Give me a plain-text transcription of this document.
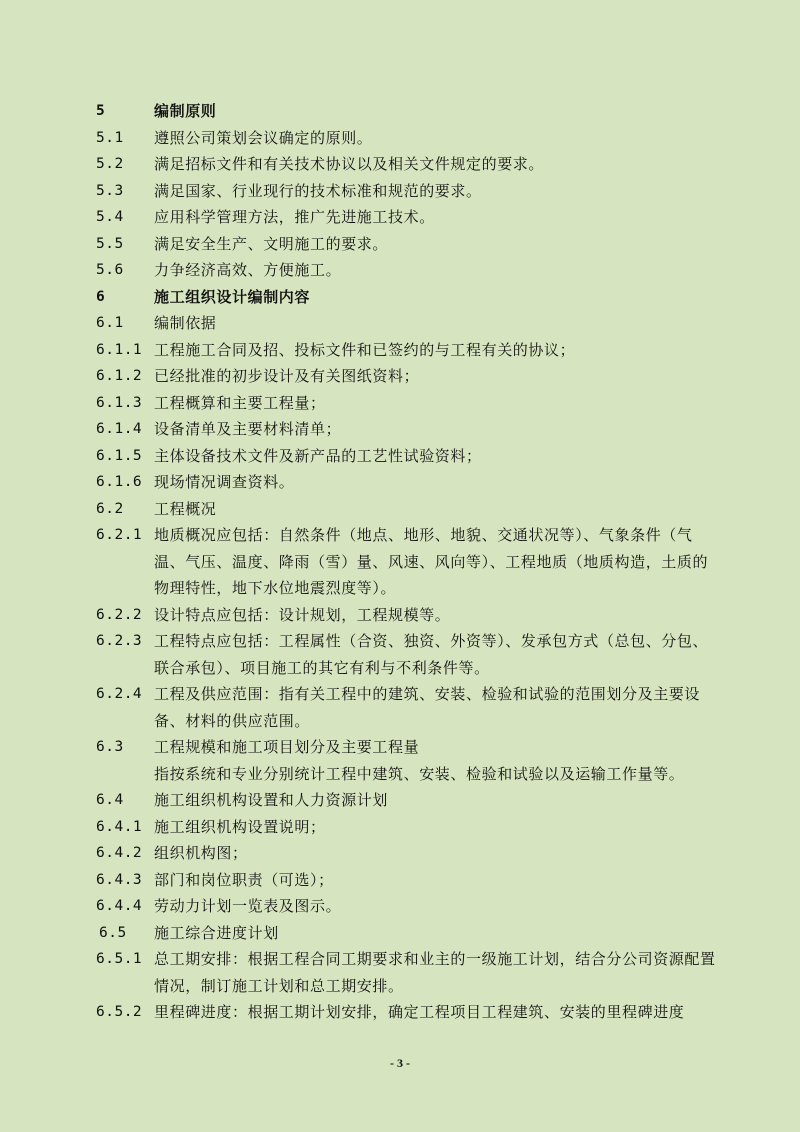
5	编制原则
5.1	遵照公司策划会议确定的原则。
5.2	满足招标文件和有关技术协议以及相关文件规定的要求。
5.3	满足国家、行业现行的技术标准和规范的要求。
5.4	应用科学管理方法，推广先进施工技术。
5.5	满足安全生产、文明施工的要求。
5.6	力争经济高效、方便施工。
6	施工组织设计编制内容
6.1	编制依据
6.1.1 工程施工合同及招、投标文件和已签约的与工程有关的协议；
6.1.2 已经批准的初步设计及有关图纸资料；
6.1.3 工程概算和主要工程量；
6.1.4 设备清单及主要材料清单；
6.1.5 主体设备技术文件及新产品的工艺性试验资料；
6.1.6 现场情况调查资料。
6.2	工程概况
6.2.1 地质概况应包括：自然条件（地点、地形、地貌、交通状况等）、气象条件（气温、气压、温度、降雨（雪）量、风速、风向等）、工程地质（地质构造，土质的物理特性，地下水位地震烈度等）。
6.2.2 设计特点应包括：设计规划，工程规模等。
6.2.3 工程特点应包括：工程属性（合资、独资、外资等）、发承包方式（总包、分包、联合承包）、项目施工的其它有利与不利条件等。
6.2.4 工程及供应范围：指有关工程中的建筑、安装、检验和试验的范围划分及主要设备、材料的供应范围。
6.3	工程规模和施工项目划分及主要工程量
指按系统和专业分别统计工程中建筑、安装、检验和试验以及运输工作量等。
6.4	施工组织机构设置和人力资源计划
6.4.1 施工组织机构设置说明；
6.4.2 组织机构图；
6.4.3 部门和岗位职责（可选）；
6.4.4 劳动力计划一览表及图示。
6.5	施工综合进度计划
6.5.1 总工期安排：根据工程合同工期要求和业主的一级施工计划，结合分公司资源配置情况，制订施工计划和总工期安排。
6.5.2 里程碑进度：根据工期计划安排，确定工程项目工程建筑、安装的里程碑进度
- 3 -
